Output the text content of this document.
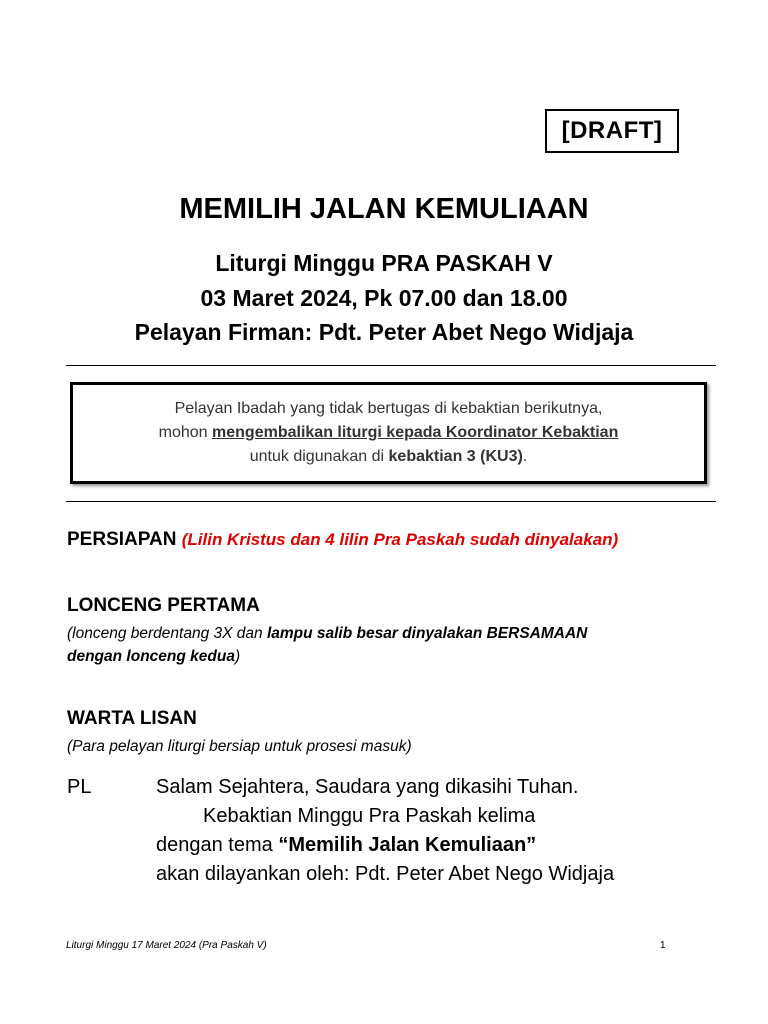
[DRAFT]
MEMILIH JALAN KEMULIAAN
Liturgi Minggu PRA PASKAH V
03 Maret 2024, Pk 07.00 dan 18.00
Pelayan Firman: Pdt. Peter Abet Nego Widjaja
Pelayan Ibadah yang tidak bertugas di kebaktian berikutnya,
mohon mengembalikan liturgi kepada Koordinator Kebaktian
untuk digunakan di kebaktian 3 (KU3).
PERSIAPAN (Lilin Kristus dan 4 lilin Pra Paskah sudah dinyalakan)
LONCENG PERTAMA
(lonceng berdentang 3X dan lampu salib besar dinyalakan BERSAMAAN
dengan lonceng kedua)
WARTA LISAN
(Para pelayan liturgi bersiap untuk prosesi masuk)
PL	Salam Sejahtera, Saudara yang dikasihi Tuhan.
Kebaktian Minggu Pra Paskah kelima
dengan tema “Memilih Jalan Kemuliaan”
akan dilayankan oleh: Pdt. Peter Abet Nego Widjaja
Liturgi Minggu 17 Maret 2024 (Pra Paskah V)	1
